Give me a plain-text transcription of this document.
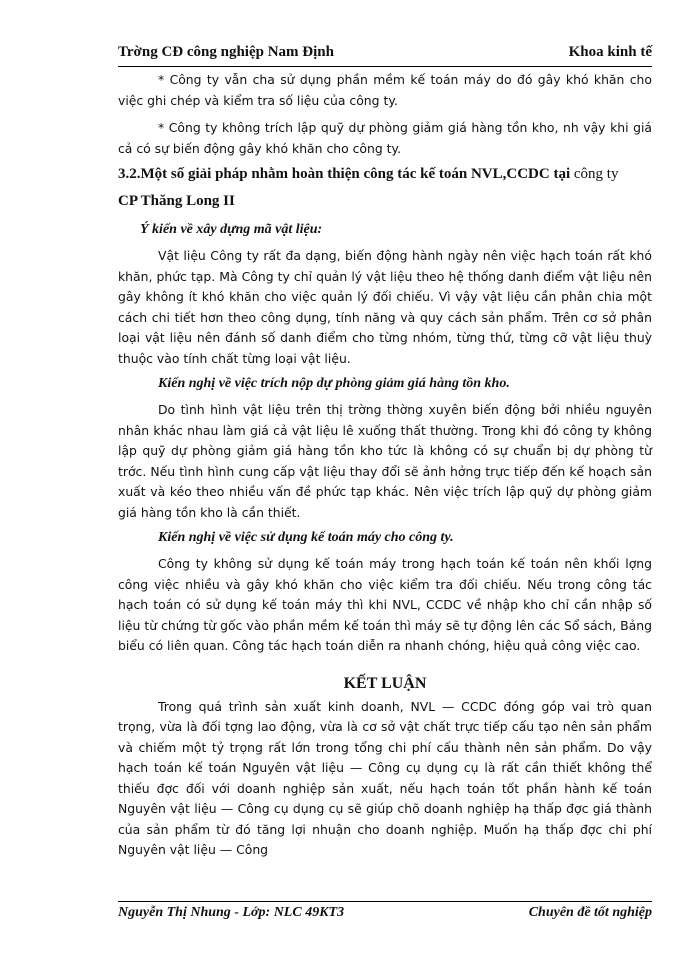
Trờng CĐ công nghiệp Nam Định	Khoa kinh tế

* Công ty vẫn cha sử dụng phần mềm kế toán máy do đó gây khó khăn cho việc ghi chép và kiểm tra số liệu của công ty.

* Công ty không trích lập quỹ dự phòng giảm giá hàng tồn kho, nh vậy khi giá cả có sự biến động gây khó khăn cho công ty.

3.2.Một số giải pháp nhằm hoàn thiện công tác kế toán NVL,CCDC tại công ty
CP Thăng Long II

Ý kiến về xây dựng mã vật liệu:

Vật liệu Công ty rất đa dạng, biến động hành ngày nên việc hạch toán rất khó khăn, phức tạp. Mà Công ty chỉ quản lý vật liệu theo hệ thống danh điểm vật liệu nên gây không ít khó khăn cho việc quản lý đối chiếu. Vì vậy vật liệu cần phân chia một cách chi tiết hơn theo công dụng, tính năng và quy cách sản phẩm. Trên cơ sở phân loại vật liệu nên đánh số danh điểm cho từng nhóm, từng thứ, từng cỡ vật liệu thuỳ thuộc vào tính chất từng loại vật liệu.

Kiến nghị về việc trích nộp dự phòng giảm giá hàng tồn kho.

Do tình hình vật liệu trên thị trờng thờng xuyên biến động bởi nhiều nguyên nhân khác nhau làm giá cả vật liệu lê xuống thất thường. Trong khi đó công ty không lập quỹ dự phòng giảm giá hàng tồn kho tức là không có sự chuẩn bị dự phòng từ trớc. Nếu tình hình cung cấp vật liệu thay đổi sẽ ảnh hởng trực tiếp đến kế hoạch sản xuất và kéo theo nhiều vấn đề phức tạp khác. Nên việc trích lập quỹ dự phòng giảm giá hàng tồn kho là cần thiết.

Kiến nghị về việc sử dụng kế toán máy cho công ty.

Công ty không sử dụng kế toán máy trong hạch toán kế toán nên khối lợng công việc nhiều và gây khó khăn cho việc kiểm tra đối chiếu. Nếu trong công tác hạch toán có sử dụng kế toán máy thì khi NVL, CCDC về nhập kho chỉ cần nhập số liệu từ chứng từ gốc vào phần mềm kế toán thì máy sẽ tự động lên các Sổ sách, Bảng biểu có liên quan. Công tác hạch toán diễn ra nhanh chóng, hiệu quả công việc cao.

KẾT LUẬN

Trong quá trình sản xuất kinh doanh, NVL — CCDC đóng góp vai trò quan trọng, vừa là đối tợng lao động, vừa là cơ sở vật chất trực tiếp cấu tạo nên sản phẩm và chiếm một tỷ trọng rất lớn trong tổng chi phí cấu thành nên sản phẩm. Do vậy hạch toán kế toán Nguyên vật liệu — Công cụ dụng cụ là rất cần thiết không thể thiếu đợc đối với doanh nghiệp sản xuất, nếu hạch toán tốt phần hành kế toán Nguyên vật liệu — Công cụ dụng cụ sẽ giúp chõ doanh nghiệp hạ thấp đợc giá thành của sản phẩm từ đó tăng lợi nhuận cho doanh nghiệp. Muốn hạ thấp đợc chi phí Nguyên vật liệu — Công

Nguyễn Thị Nhung - Lớp: NLC 49KT3	Chuyên đề tốt nghiệp
